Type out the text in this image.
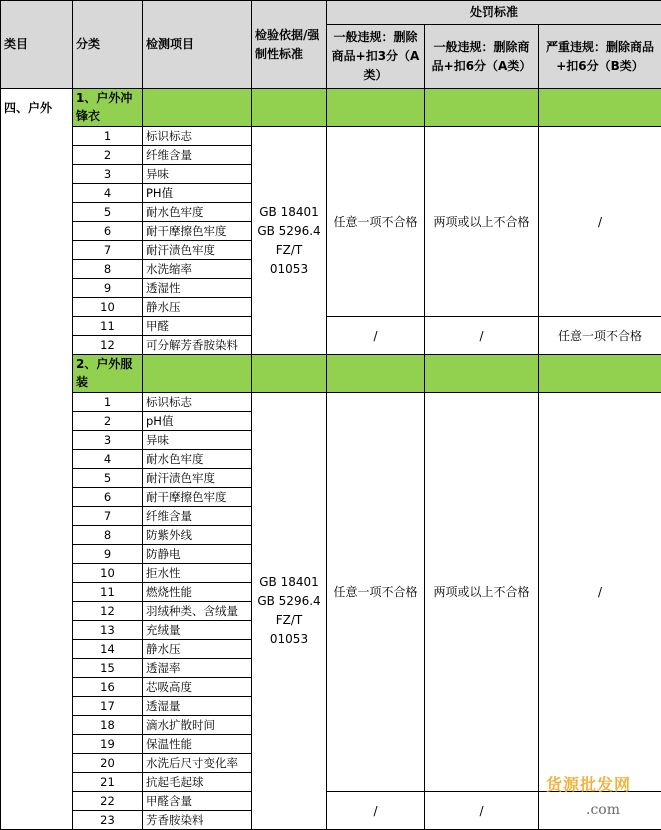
类目	分类	检测项目	检验依据/强制性标准	处罚标准		
				一般违规：删除商品+扣3分（A类）	一般违规：删除商品+扣6分（A类）	严重违规：删除商品+扣6分（B类）
四、户外	1、户外冲锋衣					
	1	标识标志	GB 18401 GB 5296.4 FZ/T 01053	任意一项不合格	两项或以上不合格	/
	2	纤维含量				
	3	异味				
	4	PH值				
	5	耐水色牢度				
	6	耐干摩擦色牢度				
	7	耐汗渍色牢度				
	8	水洗缩率				
	9	透湿性				
	10	静水压				
	11	甲醛		/	/	任意一项不合格
	12	可分解芳香胺染料				
	2、户外服装					
	1	标识标志	GB 18401 GB 5296.4 FZ/T 01053	任意一项不合格	两项或以上不合格	/
	2	pH值				
	3	异味				
	4	耐水色牢度				
	5	耐汗渍色牢度				
	6	耐干摩擦色牢度				
	7	纤维含量				
	8	防紫外线				
	9	防静电				
	10	拒水性				
	11	燃烧性能				
	12	羽绒种类、含绒量				
	13	充绒量				
	14	静水压				
	15	透湿率				
	16	芯吸高度				
	17	透湿量				
	18	滴水扩散时间				
	19	保温性能				
	20	水洗后尺寸变化率				
	21	抗起毛起球				
	22	甲醛含量		/	/	
	23	芳香胺染料				
货源批发网
.com
